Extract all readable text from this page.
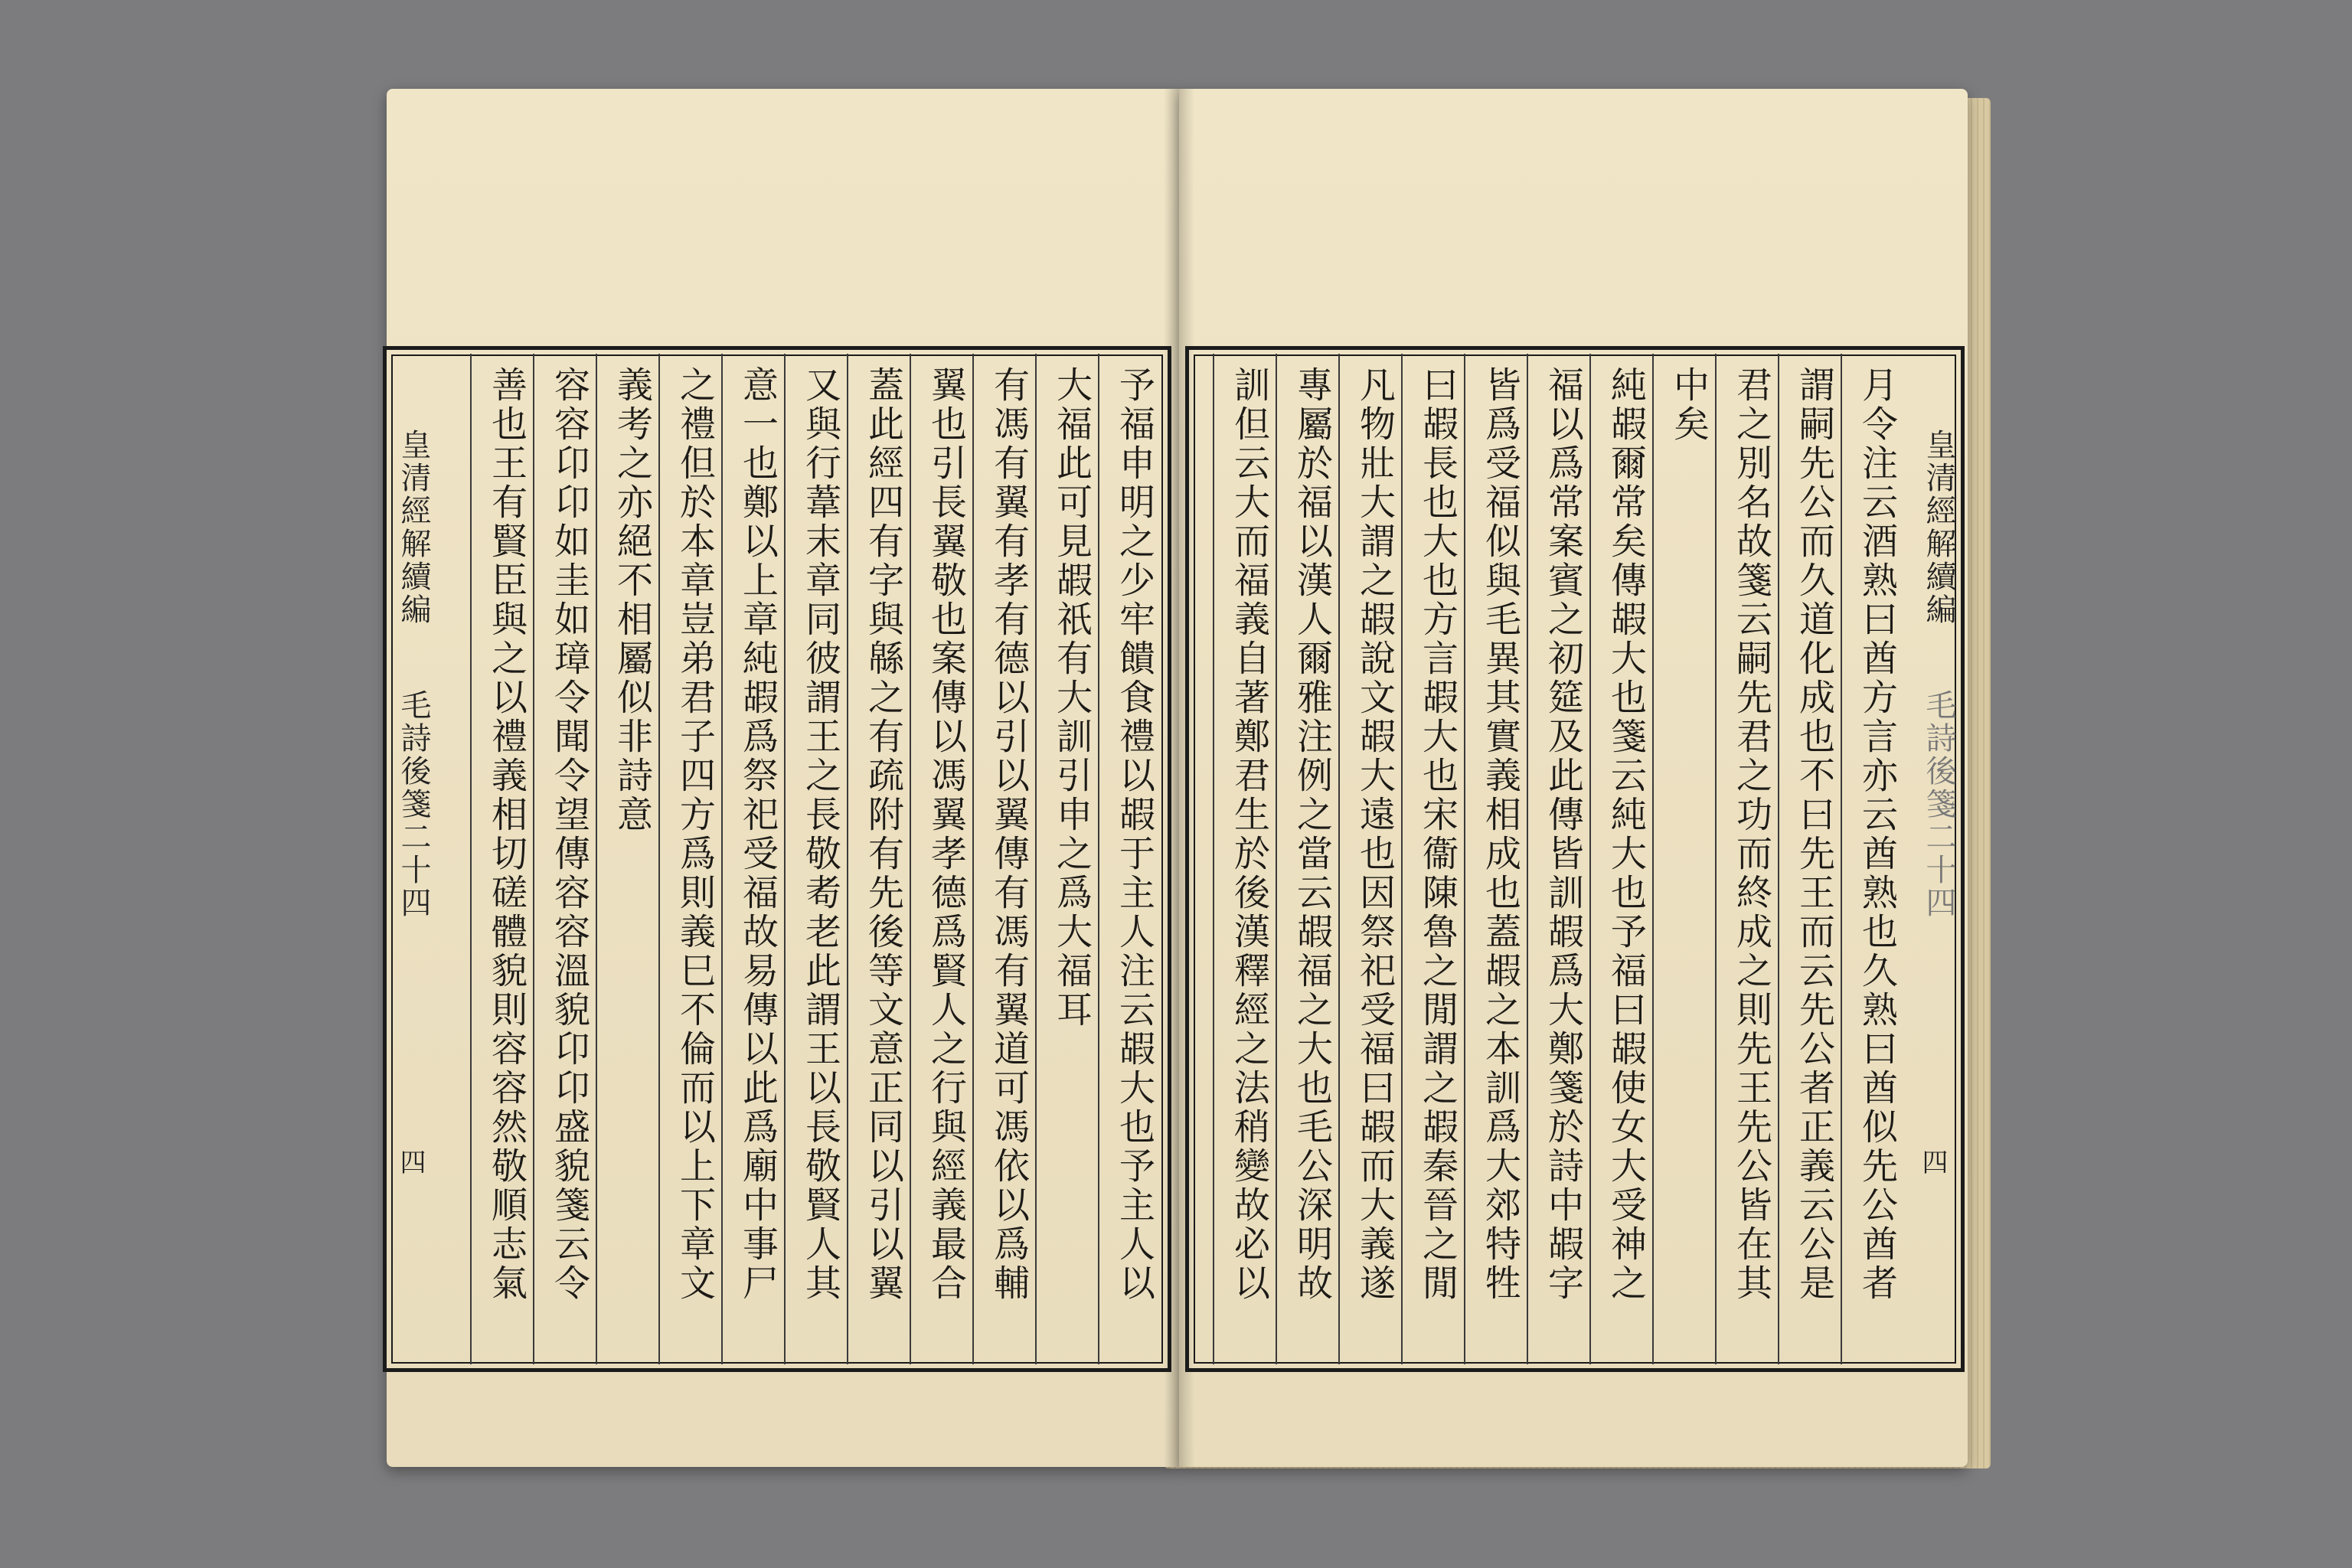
皇清經解續編
毛詩後箋二十四
四
皇清經解續編
毛詩後箋二十四
四	月令注云酒熟曰酋方言亦云酋熟也久熟曰酋似先公酋者
謂嗣先公而久道化成也不曰先王而云先公者正義云公是
君之別名故箋云嗣先君之功而終成之則先王先公皆在其
中矣
純嘏爾常矣傳嘏大也箋云純大也予福曰嘏使女大受神之
福以爲常案賓之初筵及此傳皆訓嘏爲大鄭箋於詩中嘏字
皆爲受福似與毛異其實義相成也蓋嘏之本訓爲大郊特牲
曰嘏長也大也方言嘏大也宋衞陳魯之閒謂之嘏秦晉之閒
凡物壯大謂之嘏說文嘏大遠也因祭祀受福曰嘏而大義遂
專屬於福以漢人爾雅注例之當云嘏福之大也毛公深明故
訓但云大而福義自著鄭君生於後漢釋經之法稍變故必以
予福申明之少牢饋食禮以嘏于主人注云嘏大也予主人以
大福此可見嘏祇有大訓引申之爲大福耳
有馮有翼有孝有德以引以翼傳有馮有翼道可馮依以爲輔
翼也引長翼敬也案傳以馮翼孝德爲賢人之行與經義最合
蓋此經四有字與緜之有疏附有先後等文意正同以引以翼
又與行葦末章同彼謂王之長敬耇老此謂王以長敬賢人其
意一也鄭以上章純嘏爲祭祀受福故易傳以此爲廟中事尸
之禮但於本章豈弟君子四方爲則義巳不倫而以上下章文
義考之亦絕不相屬似非詩意
容容卬卬如圭如璋令聞令望傳容容溫貌卬卬盛貌箋云令
善也王有賢臣與之以禮義相切磋體貌則容容然敬順志氣
